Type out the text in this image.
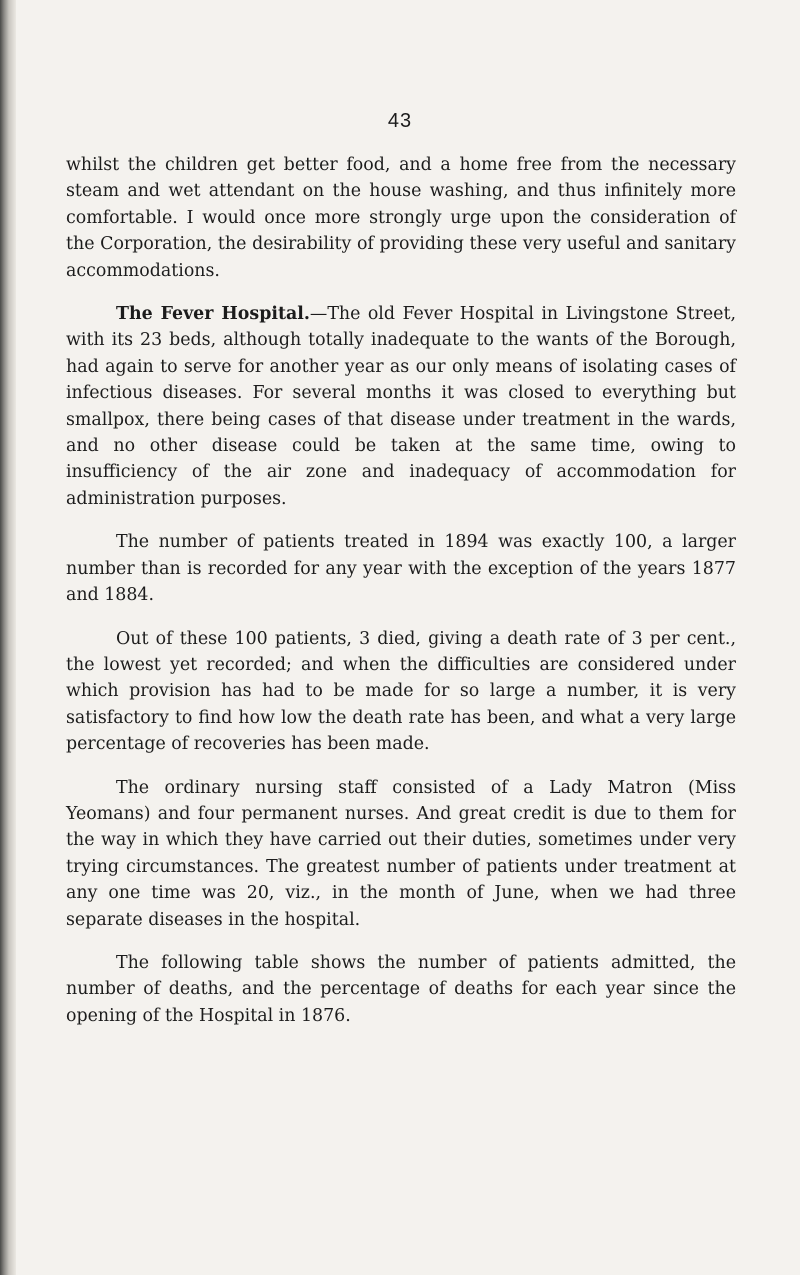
43

whilst the children get better food, and a home free from the necessary steam and wet attendant on the house washing, and thus infinitely more comfortable. I would once more strongly urge upon the consideration of the Corporation, the desirability of providing these very useful and sanitary accommodations.

The Fever Hospital.—The old Fever Hospital in Livingstone Street, with its 23 beds, although totally inadequate to the wants of the Borough, had again to serve for another year as our only means of isolating cases of infectious diseases. For several months it was closed to everything but smallpox, there being cases of that disease under treatment in the wards, and no other disease could be taken at the same time, owing to insufficiency of the air zone and inadequacy of accommodation for administration purposes.

The number of patients treated in 1894 was exactly 100, a larger number than is recorded for any year with the exception of the years 1877 and 1884.

Out of these 100 patients, 3 died, giving a death rate of 3 per cent., the lowest yet recorded; and when the difficulties are considered under which provision has had to be made for so large a number, it is very satisfactory to find how low the death rate has been, and what a very large percentage of recoveries has been made.

The ordinary nursing staff consisted of a Lady Matron (Miss Yeomans) and four permanent nurses. And great credit is due to them for the way in which they have carried out their duties, sometimes under very trying circumstances. The greatest number of patients under treatment at any one time was 20, viz., in the month of June, when we had three separate diseases in the hospital.

The following table shows the number of patients admitted, the number of deaths, and the percentage of deaths for each year since the opening of the Hospital in 1876.
